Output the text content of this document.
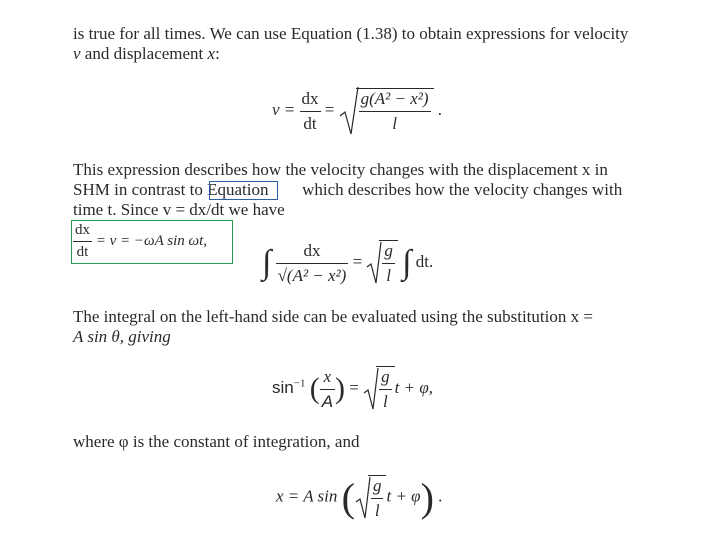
is true for all times. We can use Equation (1.38) to obtain expressions for velocity
v and displacement x:
$v = \frac{dx}{dt} = \frac{\text{g(A² − x²)}}{l}$ .
This expression describes how the velocity changes with the displacement x in
SHM in contrast to Equation which describes how the velocity changes with
time t. Since v = dx/dt we have
$\frac{dx}{dt} = v = -\omega A$ sin ωt,
∫ $\frac{dx}{\text{√(A² − x²)}} = \frac{g}{l}$ ∫ dt.
The integral on the left-hand side can be evaluated using the substitution x =
A sin θ, giving
$\sin^{-1}$ ( $\frac{x}{A}$ ) = $\frac{g}{l}$ t + φ,
where φ is the constant of integration, and
x = A sin ( $\frac{g}{l}$ t + φ) .
